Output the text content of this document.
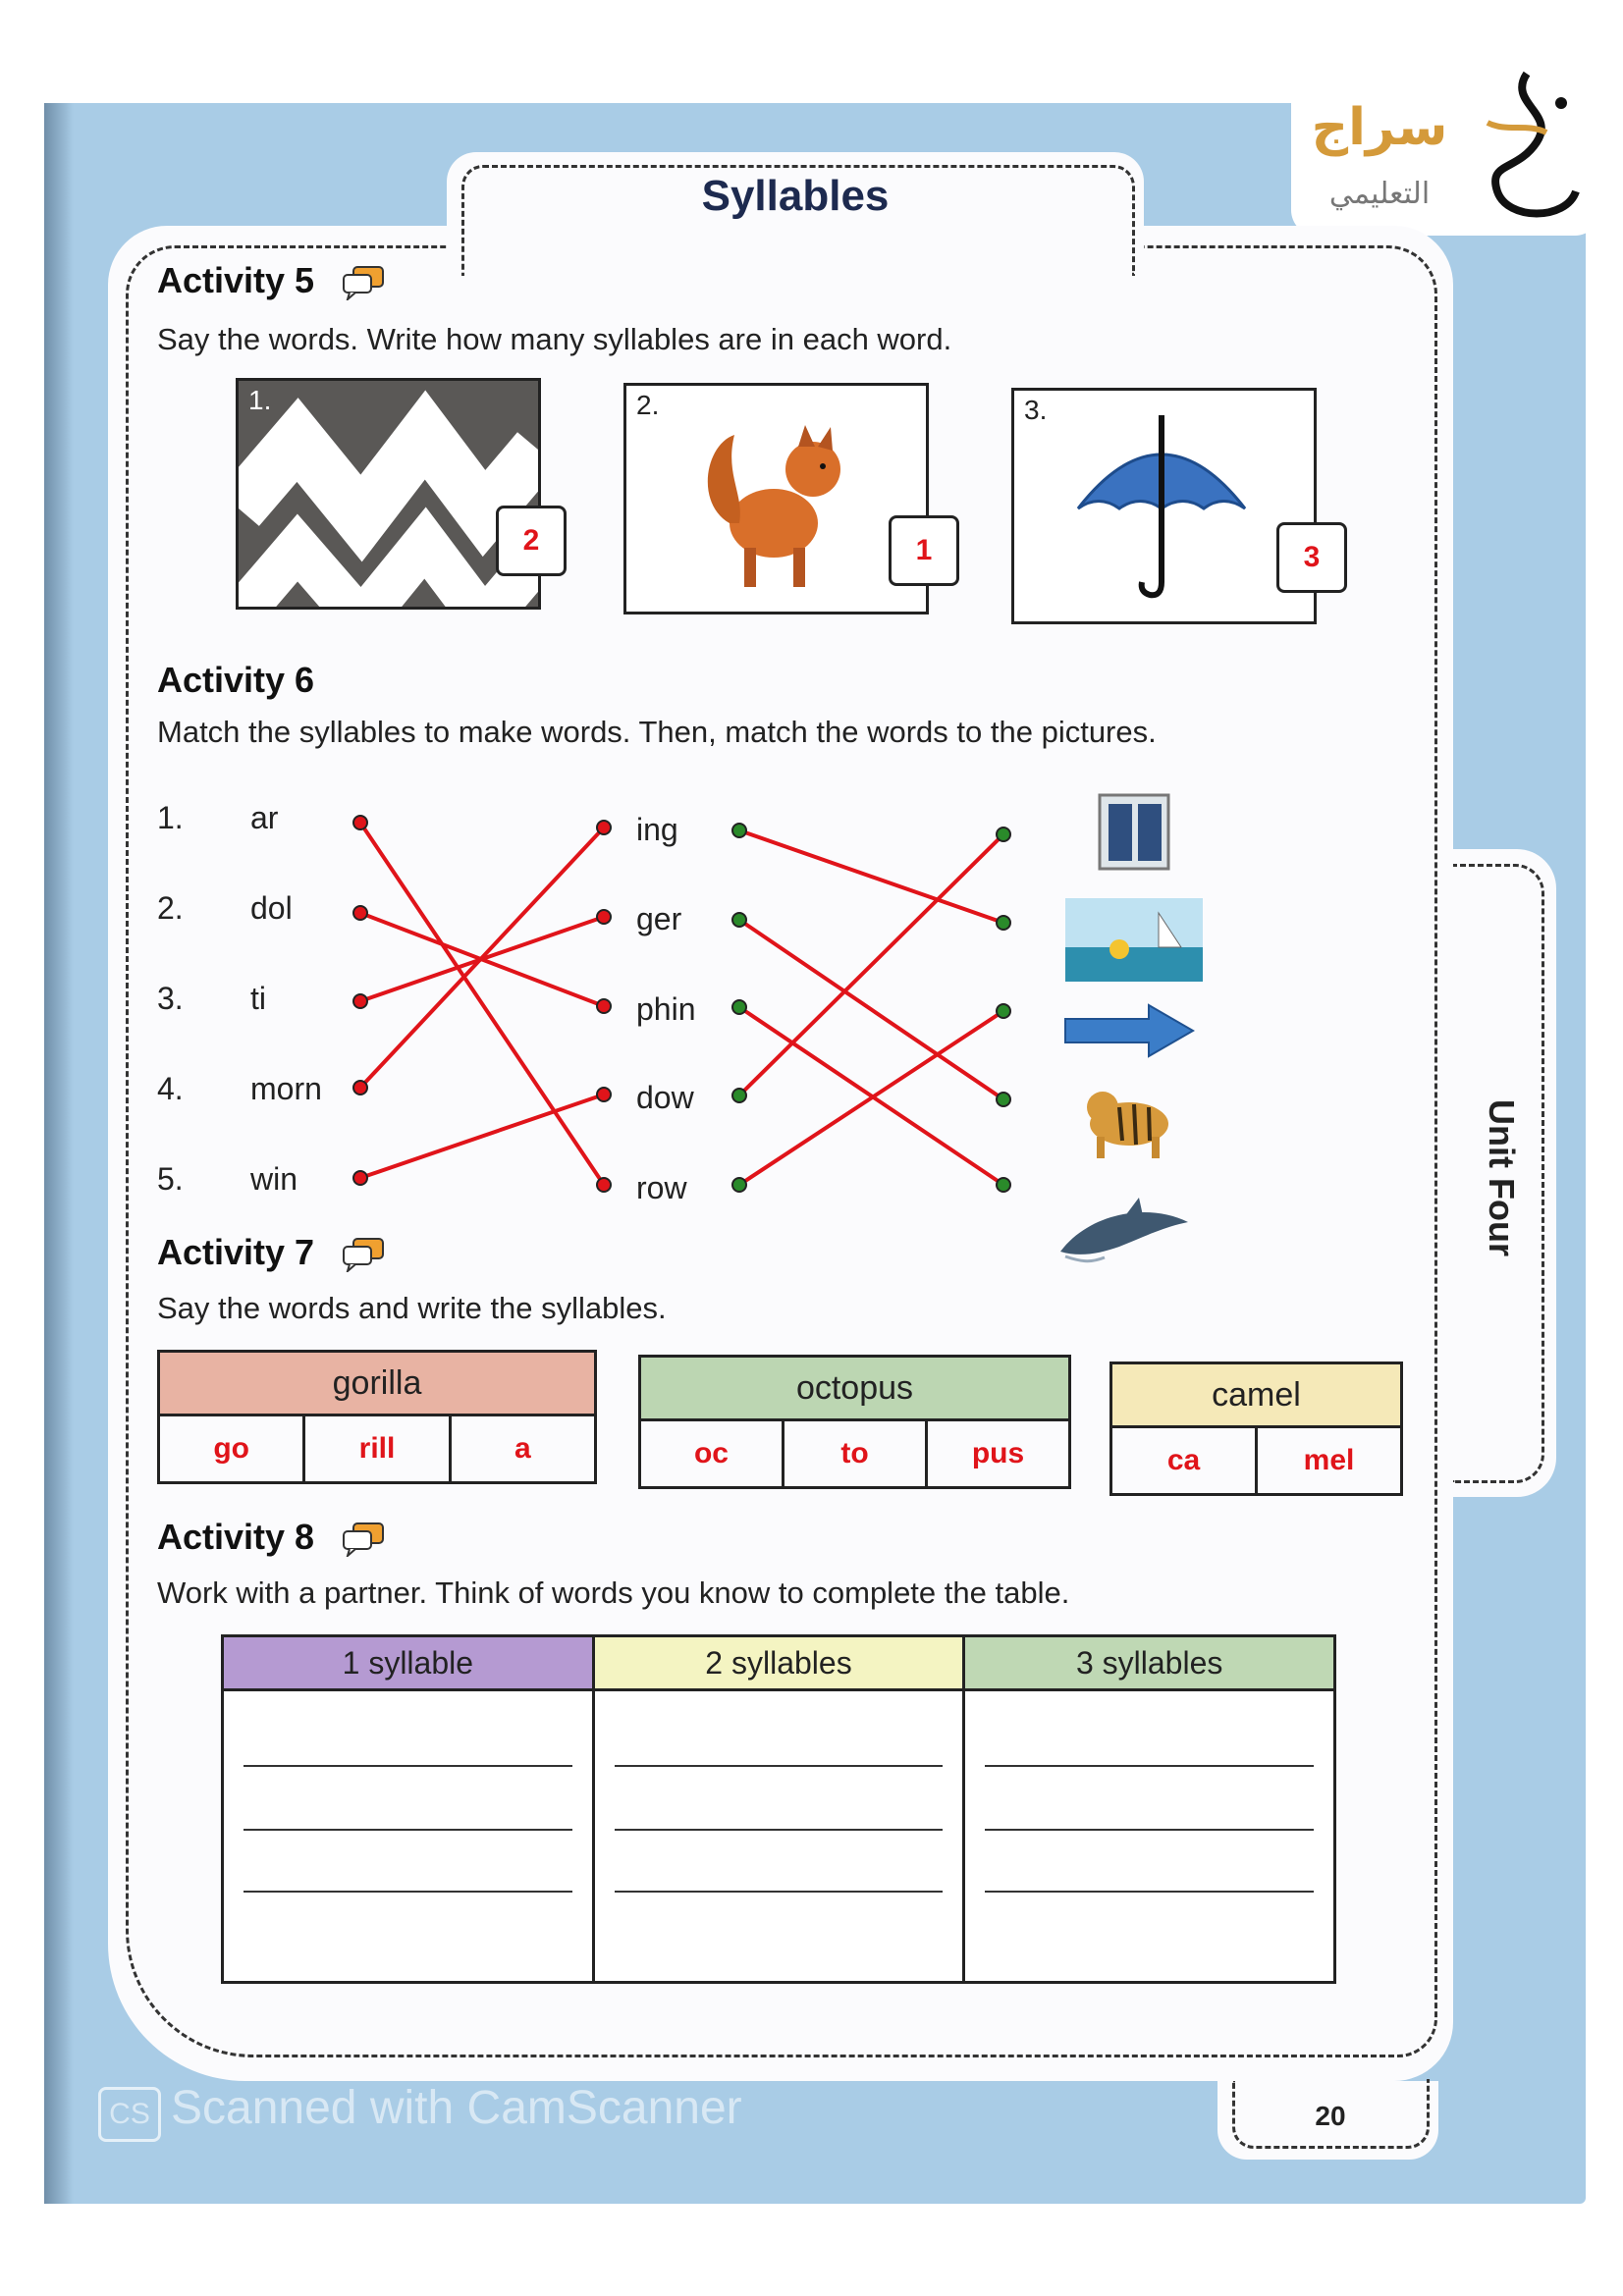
سراج
التعليمي
Unit Four
Syllables
20
Activity 5
Say the words. Write how many syllables are in each word.
1.
2
2.
1
3.
3
Activity 6
Match the syllables to make words. Then, match the words to the pictures.
1. ar
2. dol
3. ti
4. morn
5. win
ing
ger
phin
dow
row
Activity 7
Say the words and write the syllables.
gorilla
go	rill	a
octopus
oc	to	pus
camel
ca	mel
Activity 8
Work with a partner. Think of words you know to complete the table.
1 syllable	2 syllables	3 syllables
CS Scanned with CamScanner
